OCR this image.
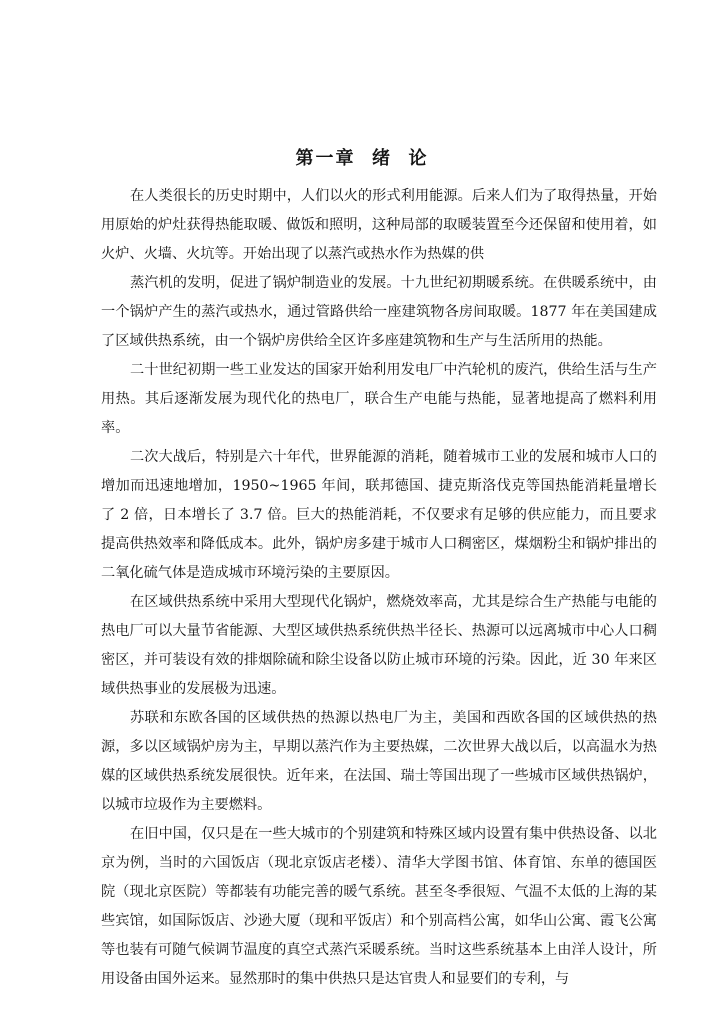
第一章  绪  论

在人类很长的历史时期中，人们以火的形式利用能源。后来人们为了取得热量，开始用原始的炉灶获得热能取暖、做饭和照明，这种局部的取暖装置至今还保留和使用着，如火炉、火墙、火坑等。开始出现了以蒸汽或热水作为热媒的供

蒸汽机的发明，促进了锅炉制造业的发展。十九世纪初期暖系统。在供暖系统中，由一个锅炉产生的蒸汽或热水，通过管路供给一座建筑物各房间取暖。1877 年在美国建成了区域供热系统，由一个锅炉房供给全区许多座建筑物和生产与生活所用的热能。

二十世纪初期一些工业发达的国家开始利用发电厂中汽轮机的废汽，供给生活与生产用热。其后逐渐发展为现代化的热电厂，联合生产电能与热能，显著地提高了燃料利用率。

二次大战后，特别是六十年代，世界能源的消耗，随着城市工业的发展和城市人口的增加而迅速地增加，1950~1965 年间，联邦德国、捷克斯洛伐克等国热能消耗量增长了 2 倍，日本增长了 3.7 倍。巨大的热能消耗，不仅要求有足够的供应能力，而且要求提高供热效率和降低成本。此外，锅炉房多建于城市人口稠密区，煤烟粉尘和锅炉排出的二氧化硫气体是造成城市环境污染的主要原因。

在区域供热系统中采用大型现代化锅炉，燃烧效率高，尤其是综合生产热能与电能的热电厂可以大量节省能源、大型区域供热系统供热半径长、热源可以远离城市中心人口稠密区，并可装设有效的排烟除硫和除尘设备以防止城市环境的污染。因此，近 30 年来区域供热事业的发展极为迅速。

苏联和东欧各国的区域供热的热源以热电厂为主，美国和西欧各国的区域供热的热源，多以区域锅炉房为主，早期以蒸汽作为主要热媒，二次世界大战以后，以高温水为热媒的区域供热系统发展很快。近年来，在法国、瑞士等国出现了一些城市区域供热锅炉，以城市垃圾作为主要燃料。

在旧中国，仅只是在一些大城市的个别建筑和特殊区域内设置有集中供热设备、以北京为例，当时的六国饭店（现北京饭店老楼）、清华大学图书馆、体育馆、东单的德国医院（现北京医院）等都装有功能完善的暖气系统。甚至冬季很短、气温不太低的上海的某些宾馆，如国际饭店、沙逊大厦（现和平饭店）和个别高档公寓，如华山公寓、霞飞公寓等也装有可随气候调节温度的真空式蒸汽采暖系统。当时这些系统基本上由洋人设计，所用设备由国外运来。显然那时的集中供热只是达官贵人和显要们的专利，与
